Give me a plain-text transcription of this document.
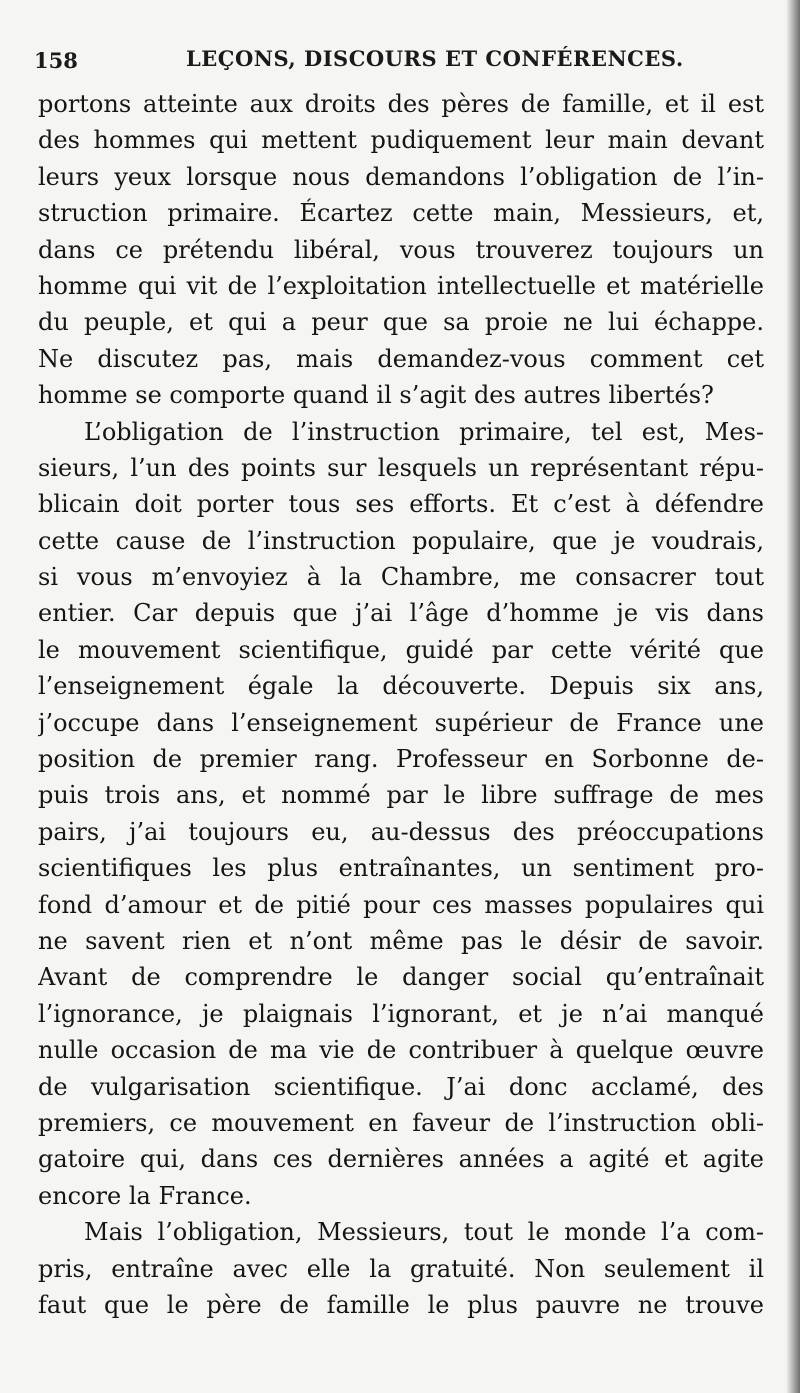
158	LEÇONS, DISCOURS ET CONFÉRENCES.
portons atteinte aux droits des pères de famille, et il est
des hommes qui mettent pudiquement leur main devant
leurs yeux lorsque nous demandons l’obligation de l’in-
struction primaire. Écartez cette main, Messieurs, et,
dans ce prétendu libéral, vous trouverez toujours un
homme qui vit de l’exploitation intellectuelle et matérielle
du peuple, et qui a peur que sa proie ne lui échappe.
Ne discutez pas, mais demandez-vous comment cet
homme se comporte quand il s’agit des autres libertés?
L’obligation de l’instruction primaire, tel est, Mes-
sieurs, l’un des points sur lesquels un représentant répu-
blicain doit porter tous ses efforts. Et c’est à défendre
cette cause de l’instruction populaire, que je voudrais,
si vous m’envoyiez à la Chambre, me consacrer tout
entier. Car depuis que j’ai l’âge d’homme je vis dans
le mouvement scientifique, guidé par cette vérité que
l’enseignement égale la découverte. Depuis six ans,
j’occupe dans l’enseignement supérieur de France une
position de premier rang. Professeur en Sorbonne de-
puis trois ans, et nommé par le libre suffrage de mes
pairs, j’ai toujours eu, au-dessus des préoccupations
scientifiques les plus entraînantes, un sentiment pro-
fond d’amour et de pitié pour ces masses populaires qui
ne savent rien et n’ont même pas le désir de savoir.
Avant de comprendre le danger social qu’entraînait
l’ignorance, je plaignais l’ignorant, et je n’ai manqué
nulle occasion de ma vie de contribuer à quelque œuvre
de vulgarisation scientifique. J’ai donc acclamé, des
premiers, ce mouvement en faveur de l’instruction obli-
gatoire qui, dans ces dernières années a agité et agite
encore la France.
Mais l’obligation, Messieurs, tout le monde l’a com-
pris, entraîne avec elle la gratuité. Non seulement il
faut que le père de famille le plus pauvre ne trouve
